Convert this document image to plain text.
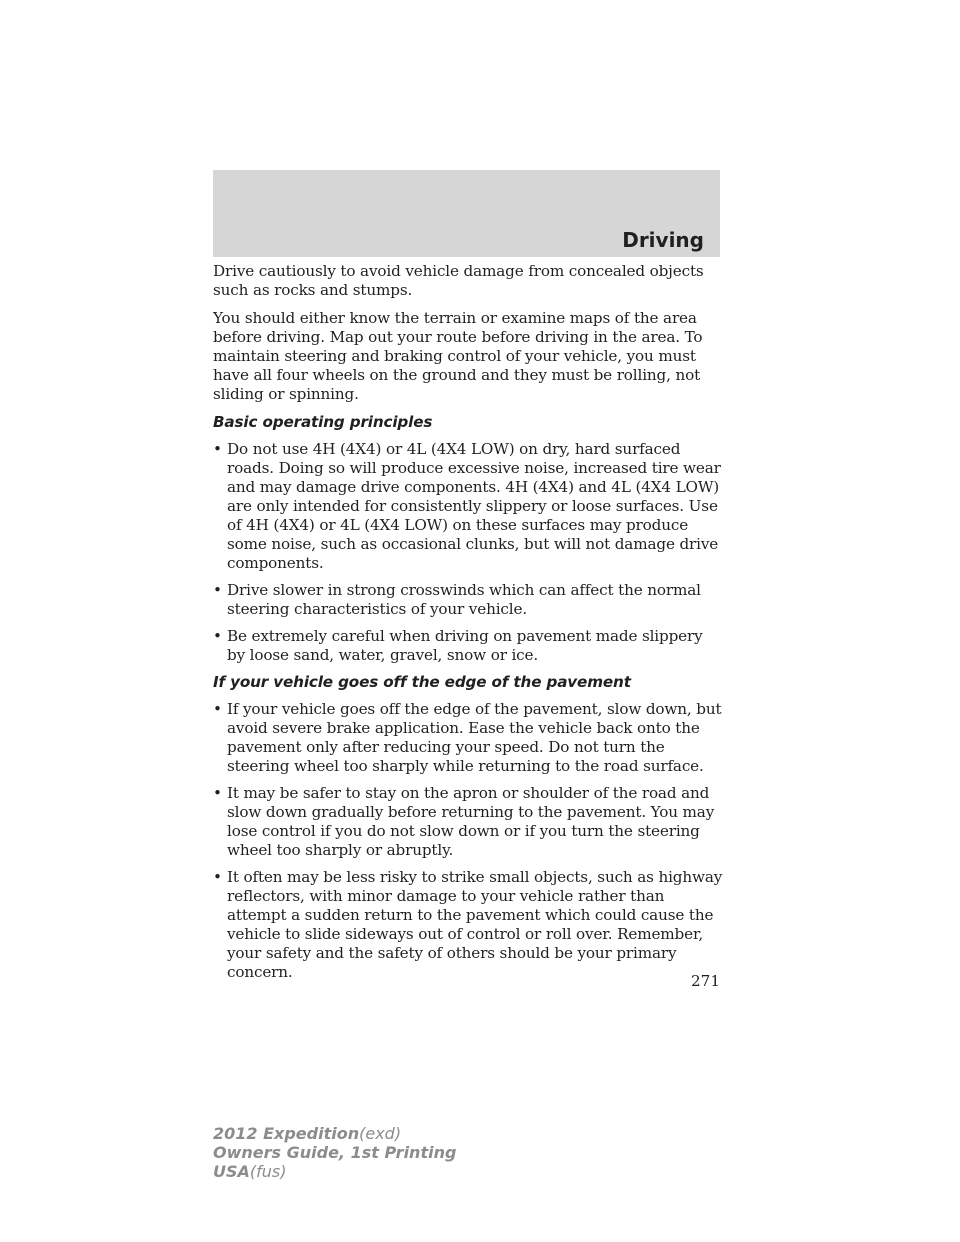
Driving

Drive cautiously to avoid vehicle damage from concealed objects such as rocks and stumps.

You should either know the terrain or examine maps of the area before driving. Map out your route before driving in the area. To maintain steering and braking control of your vehicle, you must have all four wheels on the ground and they must be rolling, not sliding or spinning.

Basic operating principles
• Do not use 4H (4X4) or 4L (4X4 LOW) on dry, hard surfaced roads. Doing so will produce excessive noise, increased tire wear and may damage drive components. 4H (4X4) and 4L (4X4 LOW) are only intended for consistently slippery or loose surfaces. Use of 4H (4X4) or 4L (4X4 LOW) on these surfaces may produce some noise, such as occasional clunks, but will not damage drive components.
• Drive slower in strong crosswinds which can affect the normal steering characteristics of your vehicle.
• Be extremely careful when driving on pavement made slippery by loose sand, water, gravel, snow or ice.
If your vehicle goes off the edge of the pavement
• If your vehicle goes off the edge of the pavement, slow down, but avoid severe brake application. Ease the vehicle back onto the pavement only after reducing your speed. Do not turn the steering wheel too sharply while returning to the road surface.
• It may be safer to stay on the apron or shoulder of the road and slow down gradually before returning to the pavement. You may lose control if you do not slow down or if you turn the steering wheel too sharply or abruptly.
• It often may be less risky to strike small objects, such as highway reflectors, with minor damage to your vehicle rather than attempt a sudden return to the pavement which could cause the vehicle to slide sideways out of control or roll over. Remember, your safety and the safety of others should be your primary concern.	271
2012 Expedition(exd)
Owners Guide, 1st Printing
USA(fus)
